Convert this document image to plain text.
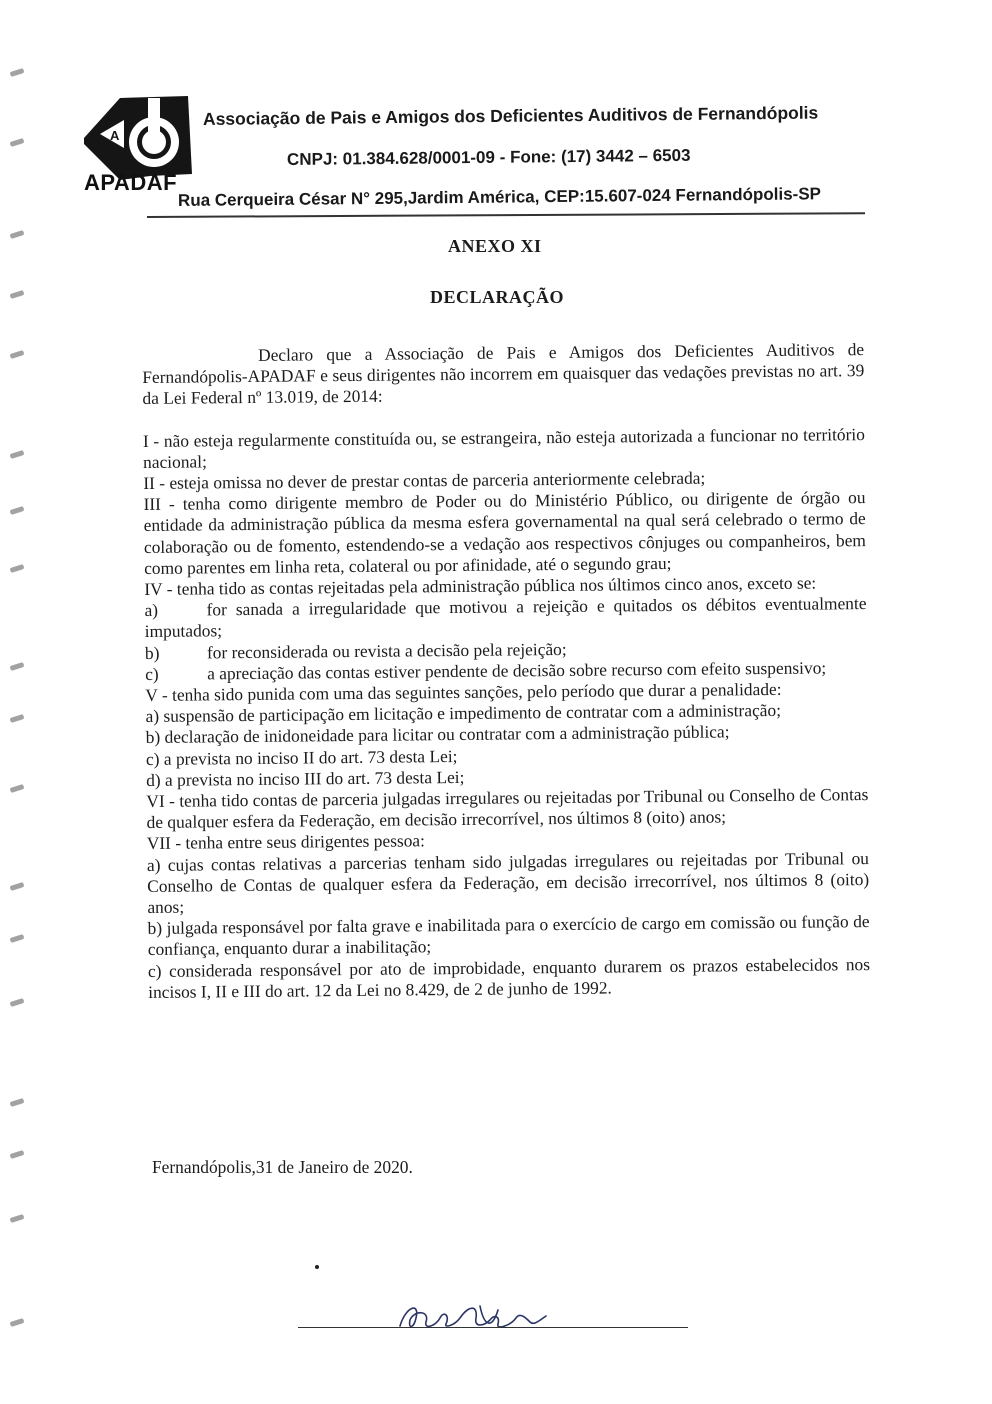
A
APADAF
Associação de Pais e Amigos dos Deficientes Auditivos de Fernandópolis
CNPJ: 01.384.628/0001-09 - Fone: (17) 3442 – 6503
Rua Cerqueira César N° 295,Jardim América, CEP:15.607-024 Fernandópolis-SP
ANEXO XI
DECLARAÇÃO

Declaro que a Associação de Pais e Amigos dos Deficientes Auditivos de Fernandópolis-APADAF e seus dirigentes não incorrem em quaisquer das vedações previstas no art. 39 da Lei Federal nº 13.019, de 2014:

I - não esteja regularmente constituída ou, se estrangeira, não esteja autorizada a funcionar no território nacional;

II - esteja omissa no dever de prestar contas de parceria anteriormente celebrada;

III - tenha como dirigente membro de Poder ou do Ministério Público, ou dirigente de órgão ou entidade da administração pública da mesma esfera governamental na qual será celebrado o termo de colaboração ou de fomento, estendendo-se a vedação aos respectivos cônjuges ou companheiros, bem como parentes em linha reta, colateral ou por afinidade, até o segundo grau;

IV - tenha tido as contas rejeitadas pela administração pública nos últimos cinco anos, exceto se:

a)	for sanada a irregularidade que motivou a rejeição e quitados os débitos eventualmente imputados;

b)	for reconsiderada ou revista a decisão pela rejeição;

c)	a apreciação das contas estiver pendente de decisão sobre recurso com efeito suspensivo;

V - tenha sido punida com uma das seguintes sanções, pelo período que durar a penalidade:

a) suspensão de participação em licitação e impedimento de contratar com a administração;

b) declaração de inidoneidade para licitar ou contratar com a administração pública;

c) a prevista no inciso II do art. 73 desta Lei;

d) a prevista no inciso III do art. 73 desta Lei;

VI - tenha tido contas de parceria julgadas irregulares ou rejeitadas por Tribunal ou Conselho de Contas de qualquer esfera da Federação, em decisão irrecorrível, nos últimos 8 (oito) anos;

VII - tenha entre seus dirigentes pessoa:

a) cujas contas relativas a parcerias tenham sido julgadas irregulares ou rejeitadas por Tribunal ou Conselho de Contas de qualquer esfera da Federação, em decisão irrecorrível, nos últimos 8 (oito) anos;

b) julgada responsável por falta grave e inabilitada para o exercício de cargo em comissão ou função de confiança, enquanto durar a inabilitação;

c) considerada responsável por ato de improbidade, enquanto durarem os prazos estabelecidos nos incisos I, II e III do art. 12 da Lei no 8.429, de 2 de junho de 1992.

Fernandópolis,31 de Janeiro de 2020.
